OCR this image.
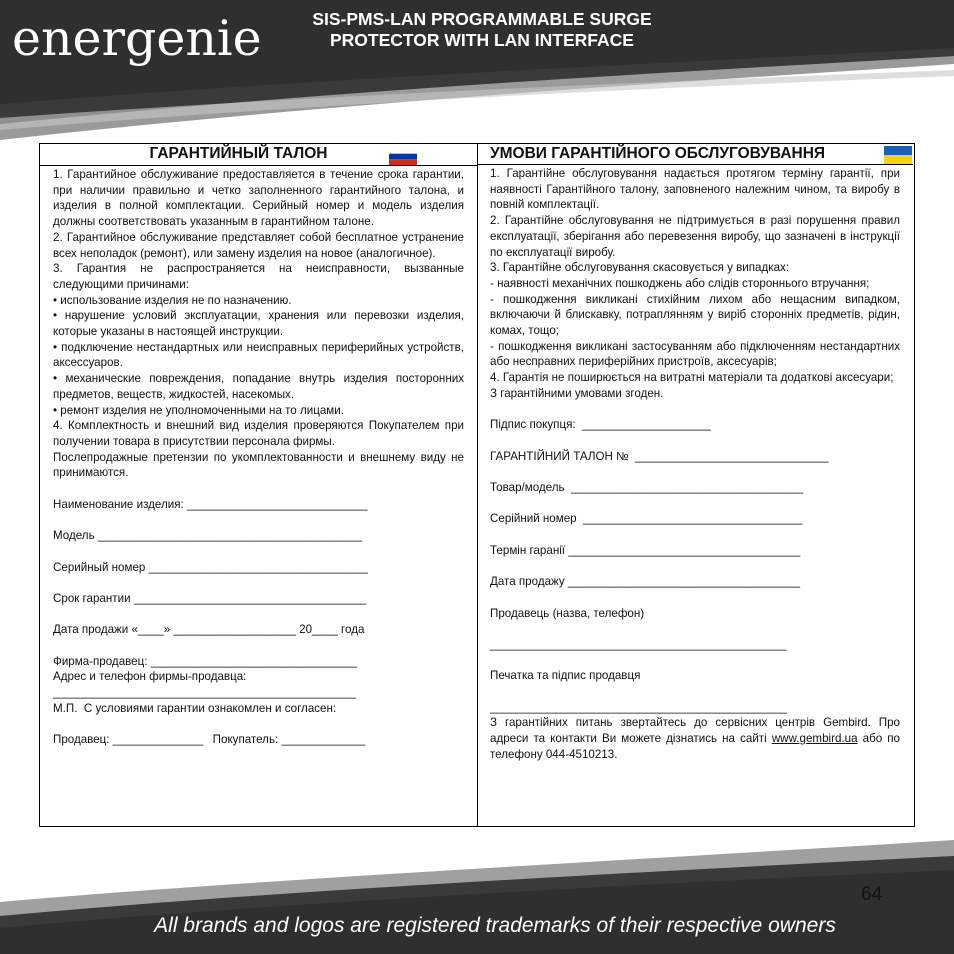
energenie	SIS-PMS-LAN PROGRAMMABLE SURGE
PROTECTOR WITH LAN INTERFACE
ГАРАНТИЙНЫЙ ТАЛОН

1. Гарантийное обслуживание предоставляется в течение срока гарантии, при наличии правильно и четко заполненного гарантийного талона, и изделия в полной комплектации. Серийный номер и модель изделия должны соответствовать указанным в гарантийном талоне.

2. Гарантийное обслуживание представляет собой бесплатное устранение всех неполадок (ремонт), или замену изделия на новое (аналогичное).

3. Гарантия не распространяется на неисправности, вызванные следующими причинами:

• использование изделия не по назначению.

• нарушение условий эксплуатации, хранения или перевозки изделия, которые указаны в настоящей инструкции.

• подключение нестандартных или неисправных периферийных устройств, аксессуаров.

• механические повреждения, попадание внутрь изделия посторонних предметов, веществ, жидкостей, насекомых.

• ремонт изделия не уполномоченными на то лицами.

4. Комплектность и внешний вид изделия проверяются Покупателем при получении товара в присутствии персонала фирмы.

Послепродажные претензии по укомплектованности и внешнему виду не принимаются.

Наименование изделия: ____________________________
Модель _________________________________________
Серийный номер __________________________________
Срок гарантии ____________________________________
Дата продажи «____» ___________________ 20____ года
Фирма-продавец: ________________________________
Адрес и телефон фирмы-продавца:
_______________________________________________
М.П.  С условиями гарантии ознакомлен и согласен:
Продавец: ______________   Покупатель: _____________
УМОВИ ГАРАНТІЙНОГО ОБСЛУГОВУВАННЯ

1. Гарантійне обслуговування надається протягом терміну гарантії, при наявності Гарантійного талону, заповненого належним чином, та виробу в повній комплектації.

2. Гарантійне обслуговування не підтримується в разі порушення правил експлуатації, зберігання або перевезення виробу, що зазначені в інструкції по експлуатації виробу.

3. Гарантійне обслуговування скасовується у випадках:

- наявності механічних пошкоджень або слідів стороннього втручання;

- пошкодження викликані стихійним лихом або нещасним випадком, включаючи й блискавку, потраплянням у виріб сторонніх предметів, рідин, комах, тощо;

- пошкодження викликані застосуванням або підключенням нестандартних або несправних периферійних пристроїв, аксесуарів;

4. Гарантія не поширюється на витратні матеріали та додаткові аксесуари;

З гарантійними умовами згоден.

Підпис покупця:  ____________________
ГАРАНТІЙНИЙ ТАЛОН №  ______________________________
Товар/модель  ____________________________________
Серійний номер  __________________________________
Термін гаранії ____________________________________
Дата продажу ____________________________________
Продавець (назва, телефон)
______________________________________________
Печатка та підпис продавця
______________________________________________

З гарантійних питань звертайтесь до сервісних центрів Gembird. Про адреси та контакти Ви можете дізнатись на сайті www.gembird.ua або по телефону 044-4510213.

64
All brands and logos are registered trademarks of their respective owners
